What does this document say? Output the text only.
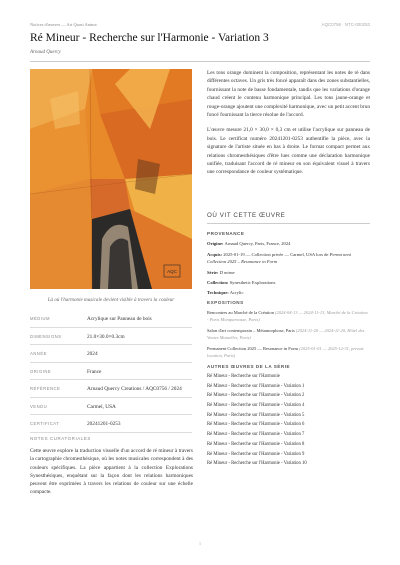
Notices d'œuvres — Art Quasi Anima	AQC0756 · NTC-000253
Ré Mineur - Recherche sur l'Harmonie - Variation 3
Arnaud Quercy
AQC
Là où l'harmonie musicale devient visible à travers la couleur
MÉDIUM	Acrylique sur Panneau de bois
DIMENSIONS	21.0×30.0×0.3cm
ANNÉE	2024
ORIGINE	France
RÉFÉRENCE	Arnaud Quercy Creations / AQC0756 / 2024
VENDU	Carmel, USA
CERTIFICAT	20241201-0253
NOTES CURATORIALES

Cette œuvre explore la traduction visuelle d'un accord de ré mineur à travers la cartographie chromesthésique, où les notes musicales correspondent à des couleurs spécifiques. La pièce appartient à la collection Explorations Synesthésiques, enquêtant sur la façon dont les relations harmoniques peuvent être exprimées à travers les relations de couleur sur une échelle compacte.

Les tons orange dominent la composition, représentant les notes de ré dans différentes octaves. Un gris très foncé apparaît dans des zones substantielles, fournissant la note de basse fondamentale, tandis que les variations d'orange chaud créent le contenu harmonique principal. Les tons jaune-orange et rouge-orange ajoutent une complexité harmonique, avec un petit accent brun foncé fournissant la tierce résolue de l'accord.

L'œuvre mesure 21,0 × 30,0 × 0,3 cm et utilise l'acrylique sur panneau de bois. Le certificat numéro 20241201-0253 authentifie la pièce, avec la signature de l'artiste située en bas à droite. Le format compact permet aux relations chromesthésiques d'être lues comme une déclaration harmonique unifiée, traduisant l'accord de ré mineur en son équivalent visuel à travers une correspondance de couleur systématique.

OÙ VIT CETTE ŒUVRE
PROVENANCE
Origine: Arnaud Quercy, Paris, France, 2024
Acquis: 2025-01-19 — Collection privée — Carmel, USA lors de Perma nent Collection 2025 – Resonance in Form
Série: D minor
Collection: Synesthetic Explorations
Technique: Acrylic
EXPOSITIONS
Rencontres au Marché de la Création (2024-04-13 — 2024-11-13, Marché de la Création - Paris Montparnasse, Paris)
Salon d'art contemporain – Métamorphose, Paris (2024-11-20 — 2024-11-20, Hôtel des Ventes Mutuelles, Paris)
Permanent Collection 2025 — Resonance in Form (2025-01-01 — 2025-12-31, private location, Paris)
AUTRES ŒUVRES DE LA SÉRIE
Ré Mineur - Recherche sur l'Harmonie
Ré Mineur - Recherche sur l'Harmonie - Variation 1
Ré Mineur - Recherche sur l'Harmonie - Variation 2
Ré Mineur - Recherche sur l'Harmonie - Variation 4
Ré Mineur - Recherche sur l'Harmonie - Variation 5
Ré Mineur - Recherche sur l'Harmonie - Variation 6
Ré Mineur - Recherche sur l'Harmonie - Variation 7
Ré Mineur - Recherche sur l'Harmonie - Variation 8
Ré Mineur - Recherche sur l'Harmonie - Variation 9
Ré Mineur - Recherche sur l'Harmonie - Variation 10
1
